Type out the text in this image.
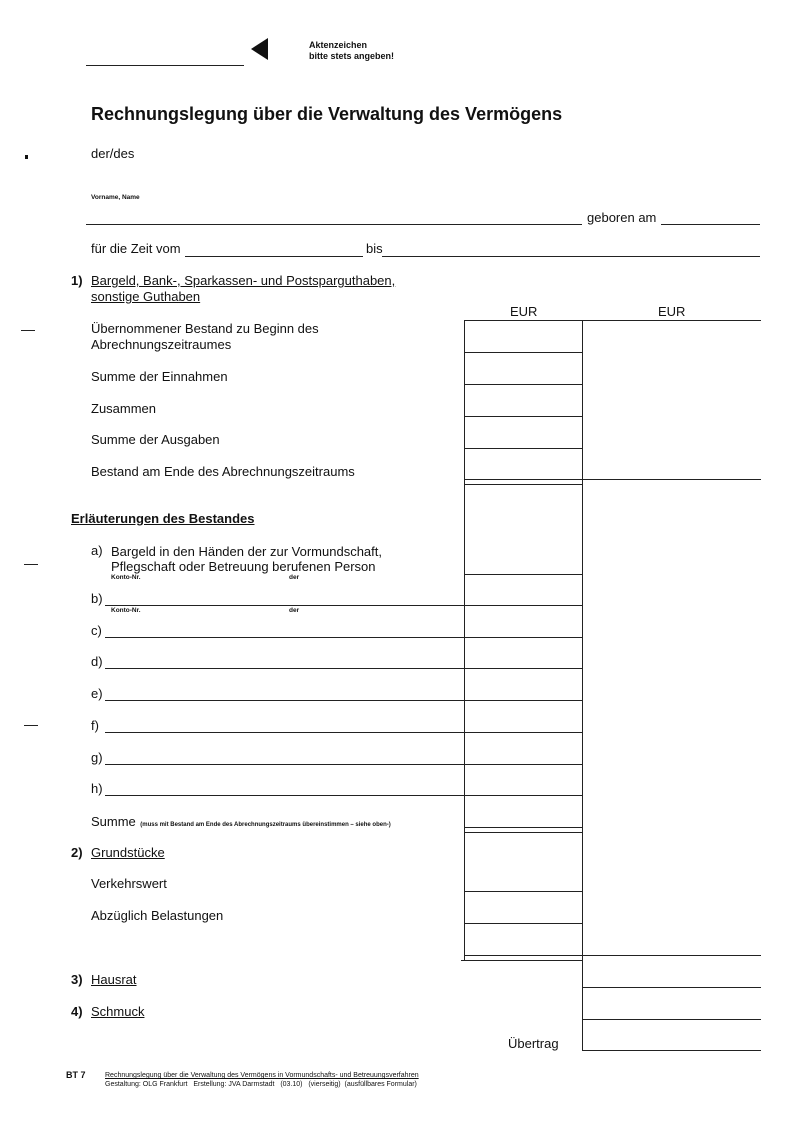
Aktenzeichen
bitte stets angeben!
Rechnungslegung über die Verwaltung des Vermögens
der/des
Vorname, Name
geboren am
für die Zeit vom	bis
1) Bargeld, Bank-, Sparkassen- und Postsparguthaben,
sonstige Guthaben
EUR	EUR
Übernommener Bestand zu Beginn des
Abrechnungszeitraumes
Summe der Einnahmen
Zusammen
Summe der Ausgaben
Bestand am Ende des Abrechnungszeitraums
Erläuterungen des Bestandes
a) Bargeld in den Händen der zur Vormundschaft,
Pflegschaft oder Betreuung berufenen Person
Konto-Nr.	der
b)
Konto-Nr.	der
c)
d)
e)
f)
g)
h)
Summe (muss mit Bestand am Ende des Abrechnungszeitraums übereinstimmen – siehe oben-)
2) Grundstücke
Verkehrswert
Abzüglich Belastungen
3) Hausrat
4) Schmuck
Übertrag
BT 7	Rechnungslegung über die Verwaltung des Vermögens in Vormundschafts- und Betreuungsverfahren
Gestaltung: OLG Frankfurt   Erstellung: JVA Darmstadt   (03.10)   (vierseitig)  (ausfüllbares Formular)
